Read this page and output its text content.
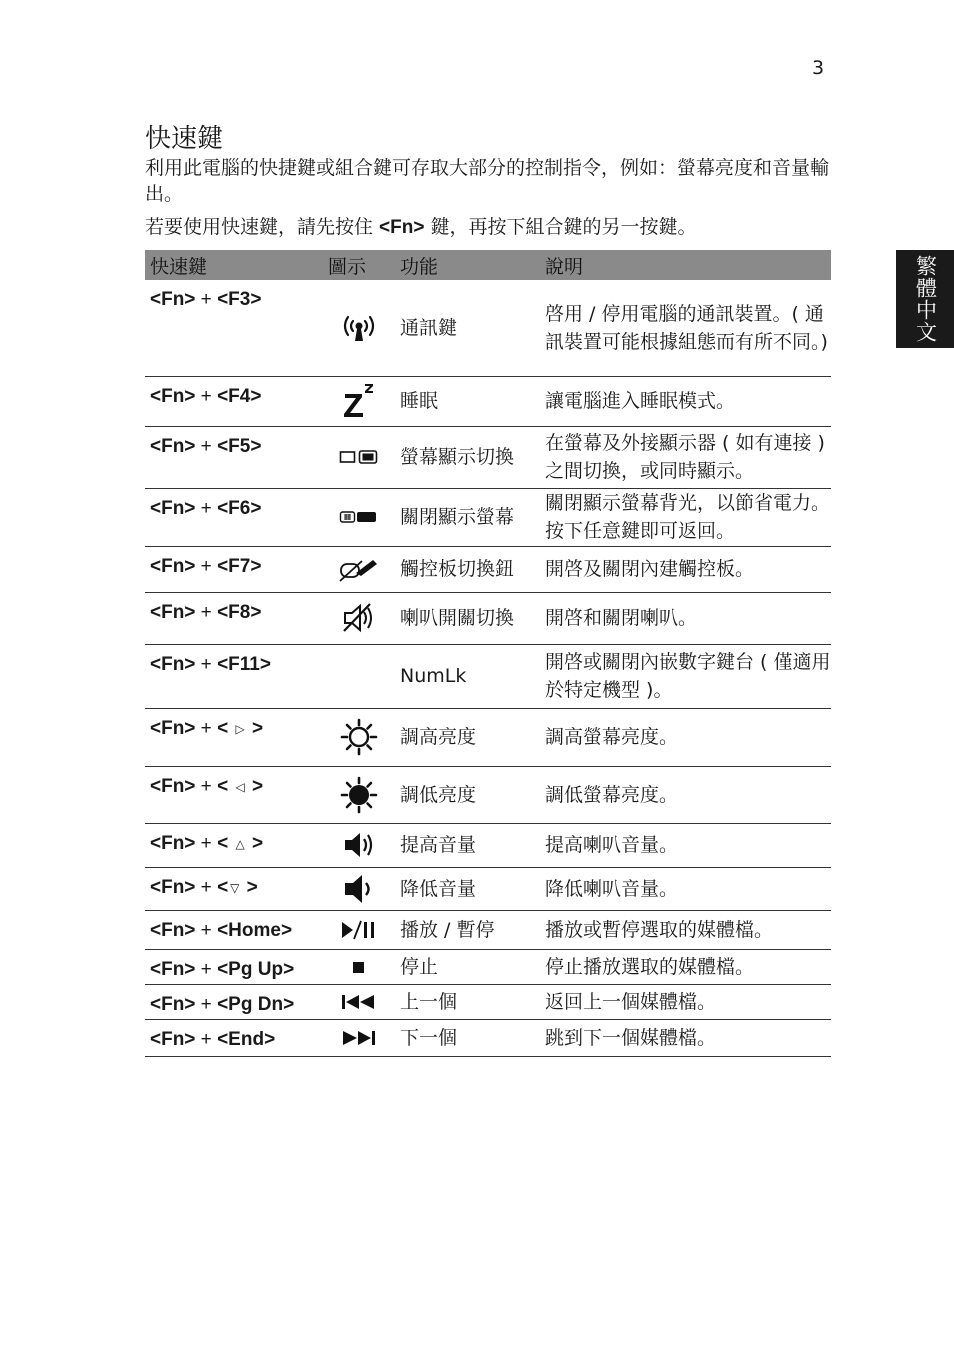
3
繁體中文
快速鍵

利用此電腦的快捷鍵或組合鍵可存取大部分的控制指令，例如：螢幕亮度和音量輸出。

若要使用快速鍵，請先按住 <Fn> 鍵，再按下組合鍵的另一按鍵。

快速鍵	圖示	功能	說明
<Fn> + <F3>		通訊鍵	啓用 / 停用電腦的通訊裝置。( 通訊裝置可能根據組態而有所不同。)
<Fn> + <F4>		睡眠	讓電腦進入睡眠模式。
<Fn> + <F5>		螢幕顯示切換	在螢幕及外接顯示器 ( 如有連接 ) 之間切換，或同時顯示。
<Fn> + <F6>		關閉顯示螢幕	關閉顯示螢幕背光，以節省電力。按下任意鍵即可返回。
<Fn> + <F7>		觸控板切換鈕	開啓及關閉內建觸控板。
<Fn> + <F8>		喇叭開關切換	開啓和關閉喇叭。
<Fn> + <F11>		NumLk	開啓或關閉內嵌數字鍵台 ( 僅適用於特定機型 )。
<Fn> + < ▷ >		調高亮度	調高螢幕亮度。
<Fn> + < ◁ >		調低亮度	調低螢幕亮度。
<Fn> + < △ >		提高音量	提高喇叭音量。
<Fn> + < ▽ >		降低音量	降低喇叭音量。
<Fn> + <Home>		播放 / 暫停	播放或暫停選取的媒體檔。
<Fn> + <Pg Up>		停止	停止播放選取的媒體檔。
<Fn> + <Pg Dn>		上一個	返回上一個媒體檔。
<Fn> + <End>		下一個	跳到下一個媒體檔。
